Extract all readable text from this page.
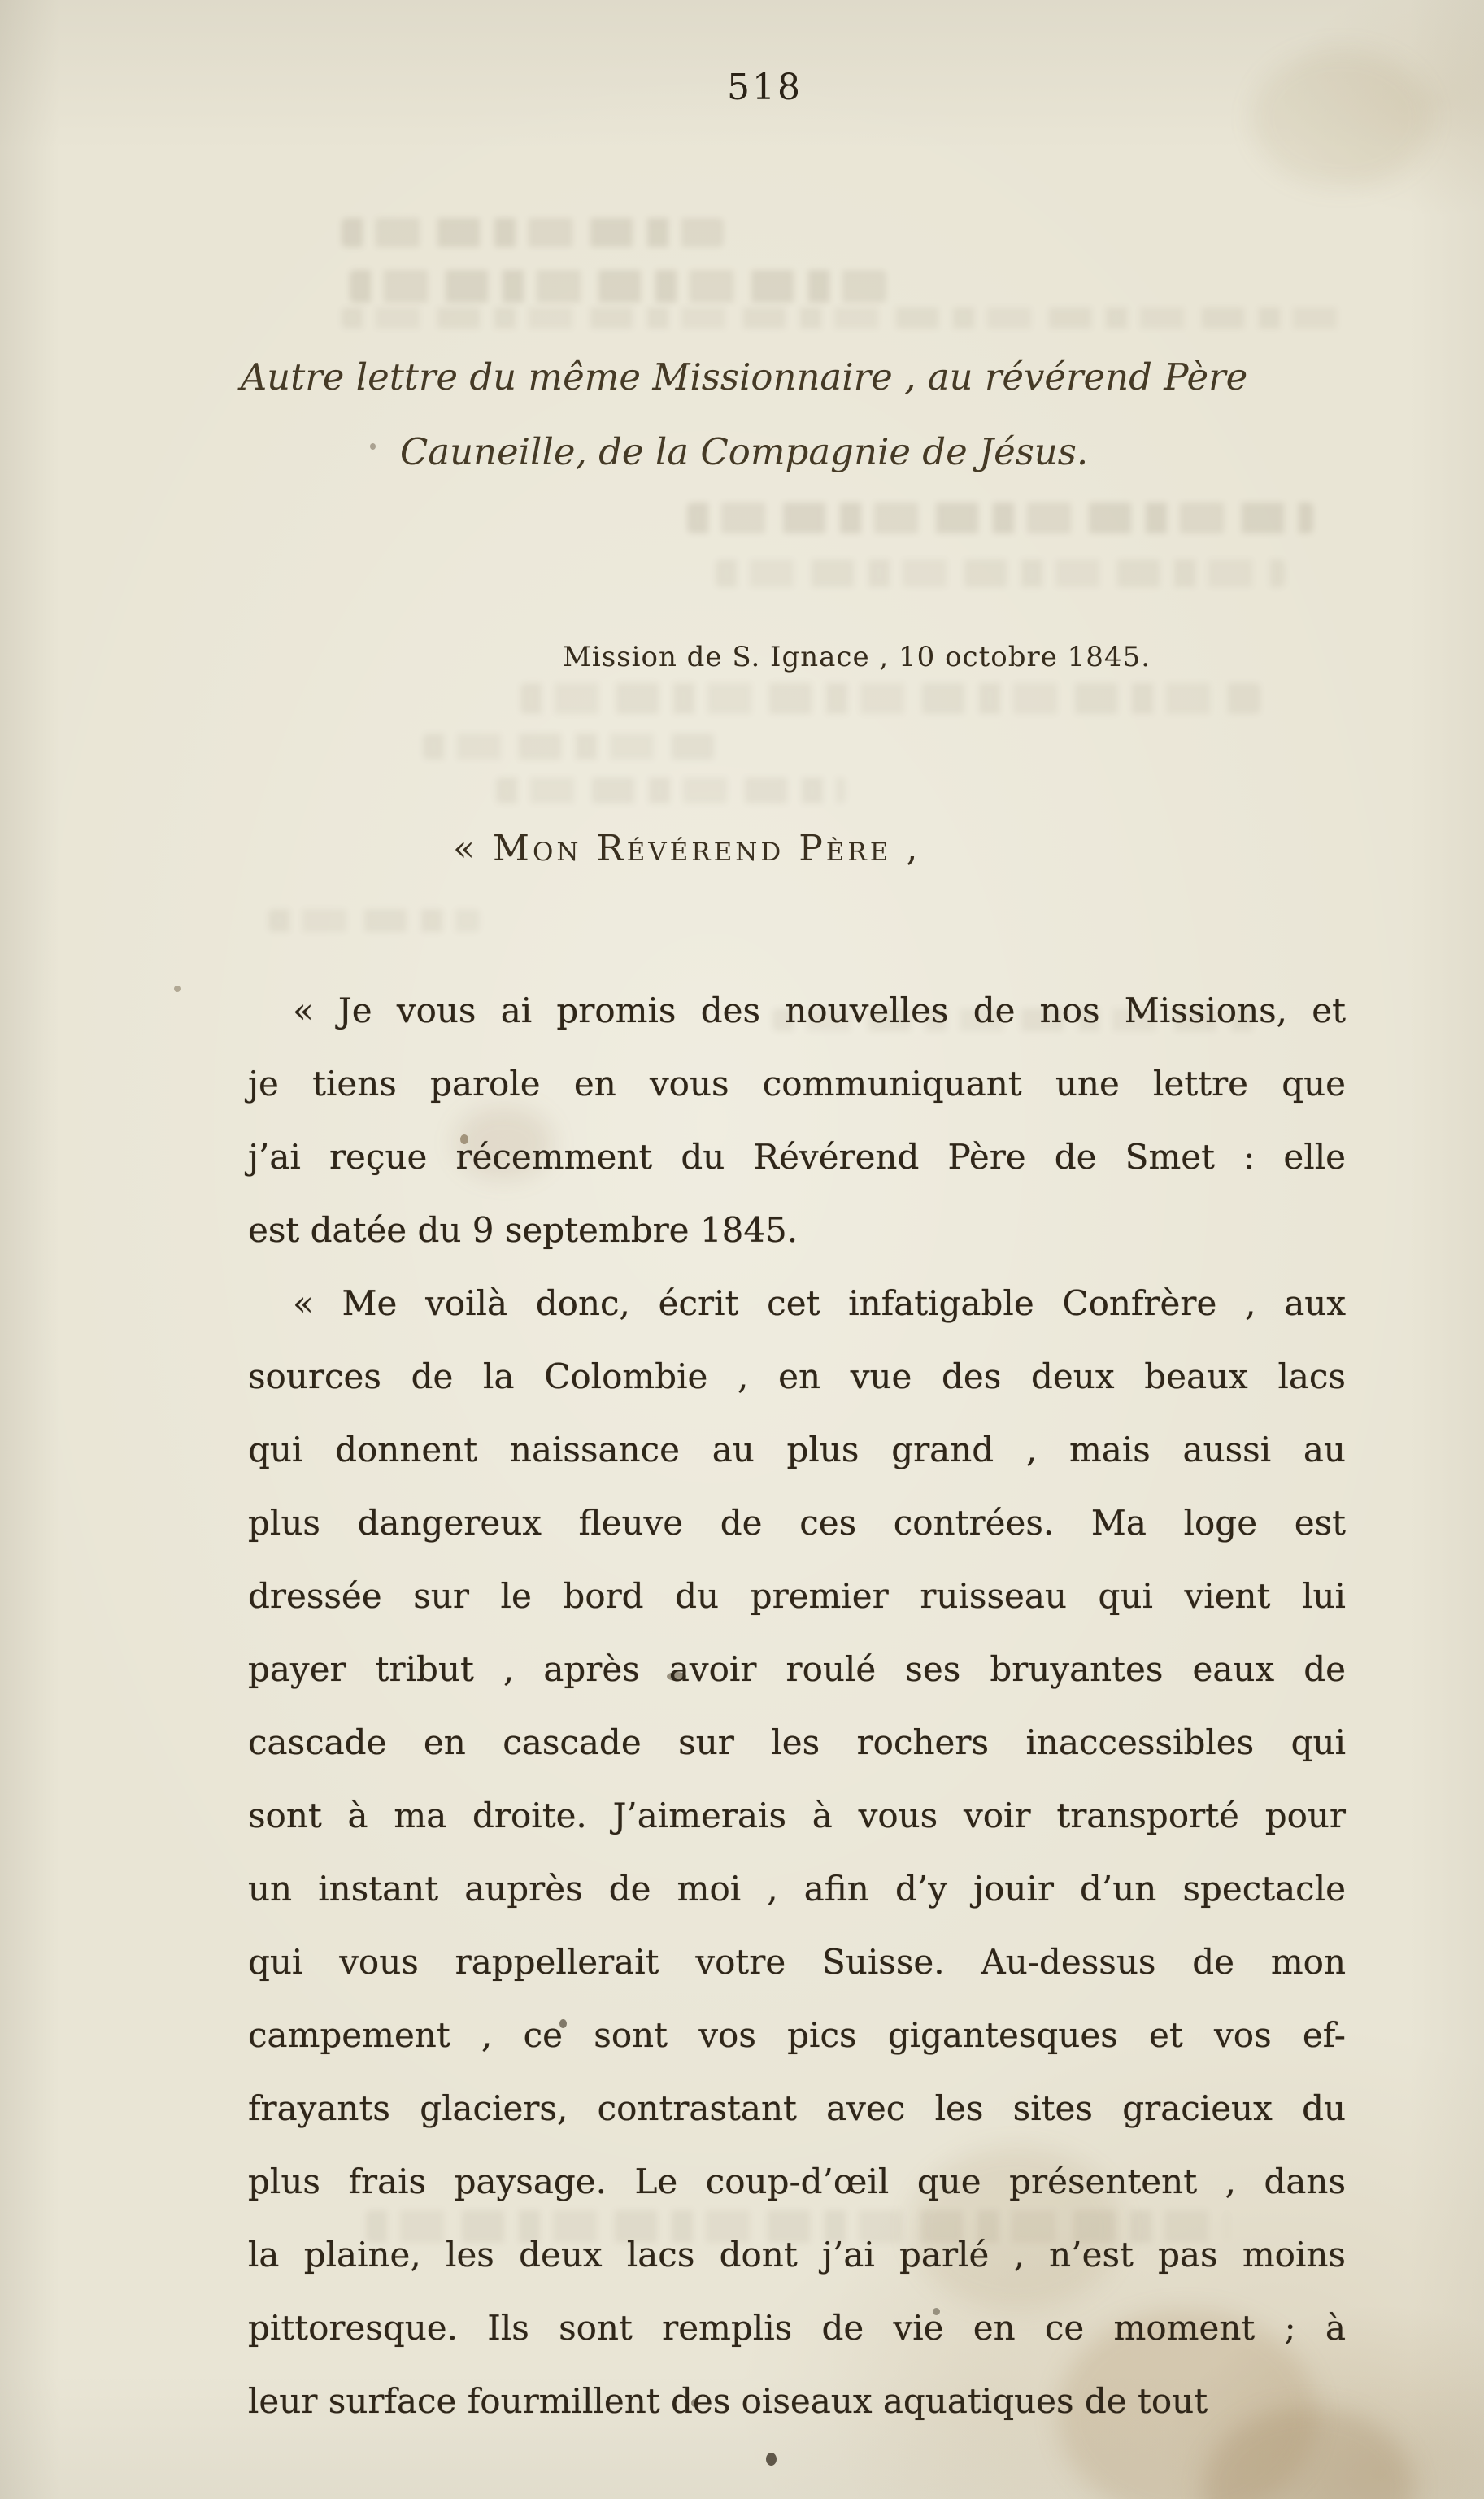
518
Autre lettre du même Missionnaire , au révérend Père
Cauneille, de la Compagnie de Jésus.
Mission de S. Ignace , 10 octobre 1845.
« Mon Révérend Père ,
« Je vous ai promis des nouvelles de nos Missions, et
je tiens parole en vous communiquant une lettre que
j’ai reçue récemment du Révérend Père de Smet : elle
est datée du 9 septembre 1845.
« Me voilà donc, écrit cet infatigable Confrère , aux
sources de la Colombie , en vue des deux beaux lacs
qui donnent naissance au plus grand , mais aussi au
plus dangereux fleuve de ces contrées. Ma loge est
dressée sur le bord du premier ruisseau qui vient lui
payer tribut , après avoir roulé ses bruyantes eaux de
cascade en cascade sur les rochers inaccessibles qui
sont à ma droite. J’aimerais à vous voir transporté pour
un instant auprès de moi , afin d’y jouir d’un spectacle
qui vous rappellerait votre Suisse. Au-dessus de mon
campement , ce sont vos pics gigantesques et vos ef-
frayants glaciers, contrastant avec les sites gracieux du
plus frais paysage. Le coup-d’œil que présentent , dans
la plaine, les deux lacs dont j’ai parlé , n’est pas moins
pittoresque. Ils sont remplis de vie en ce moment ; à
leur surface fourmillent des oiseaux aquatiques de tout
